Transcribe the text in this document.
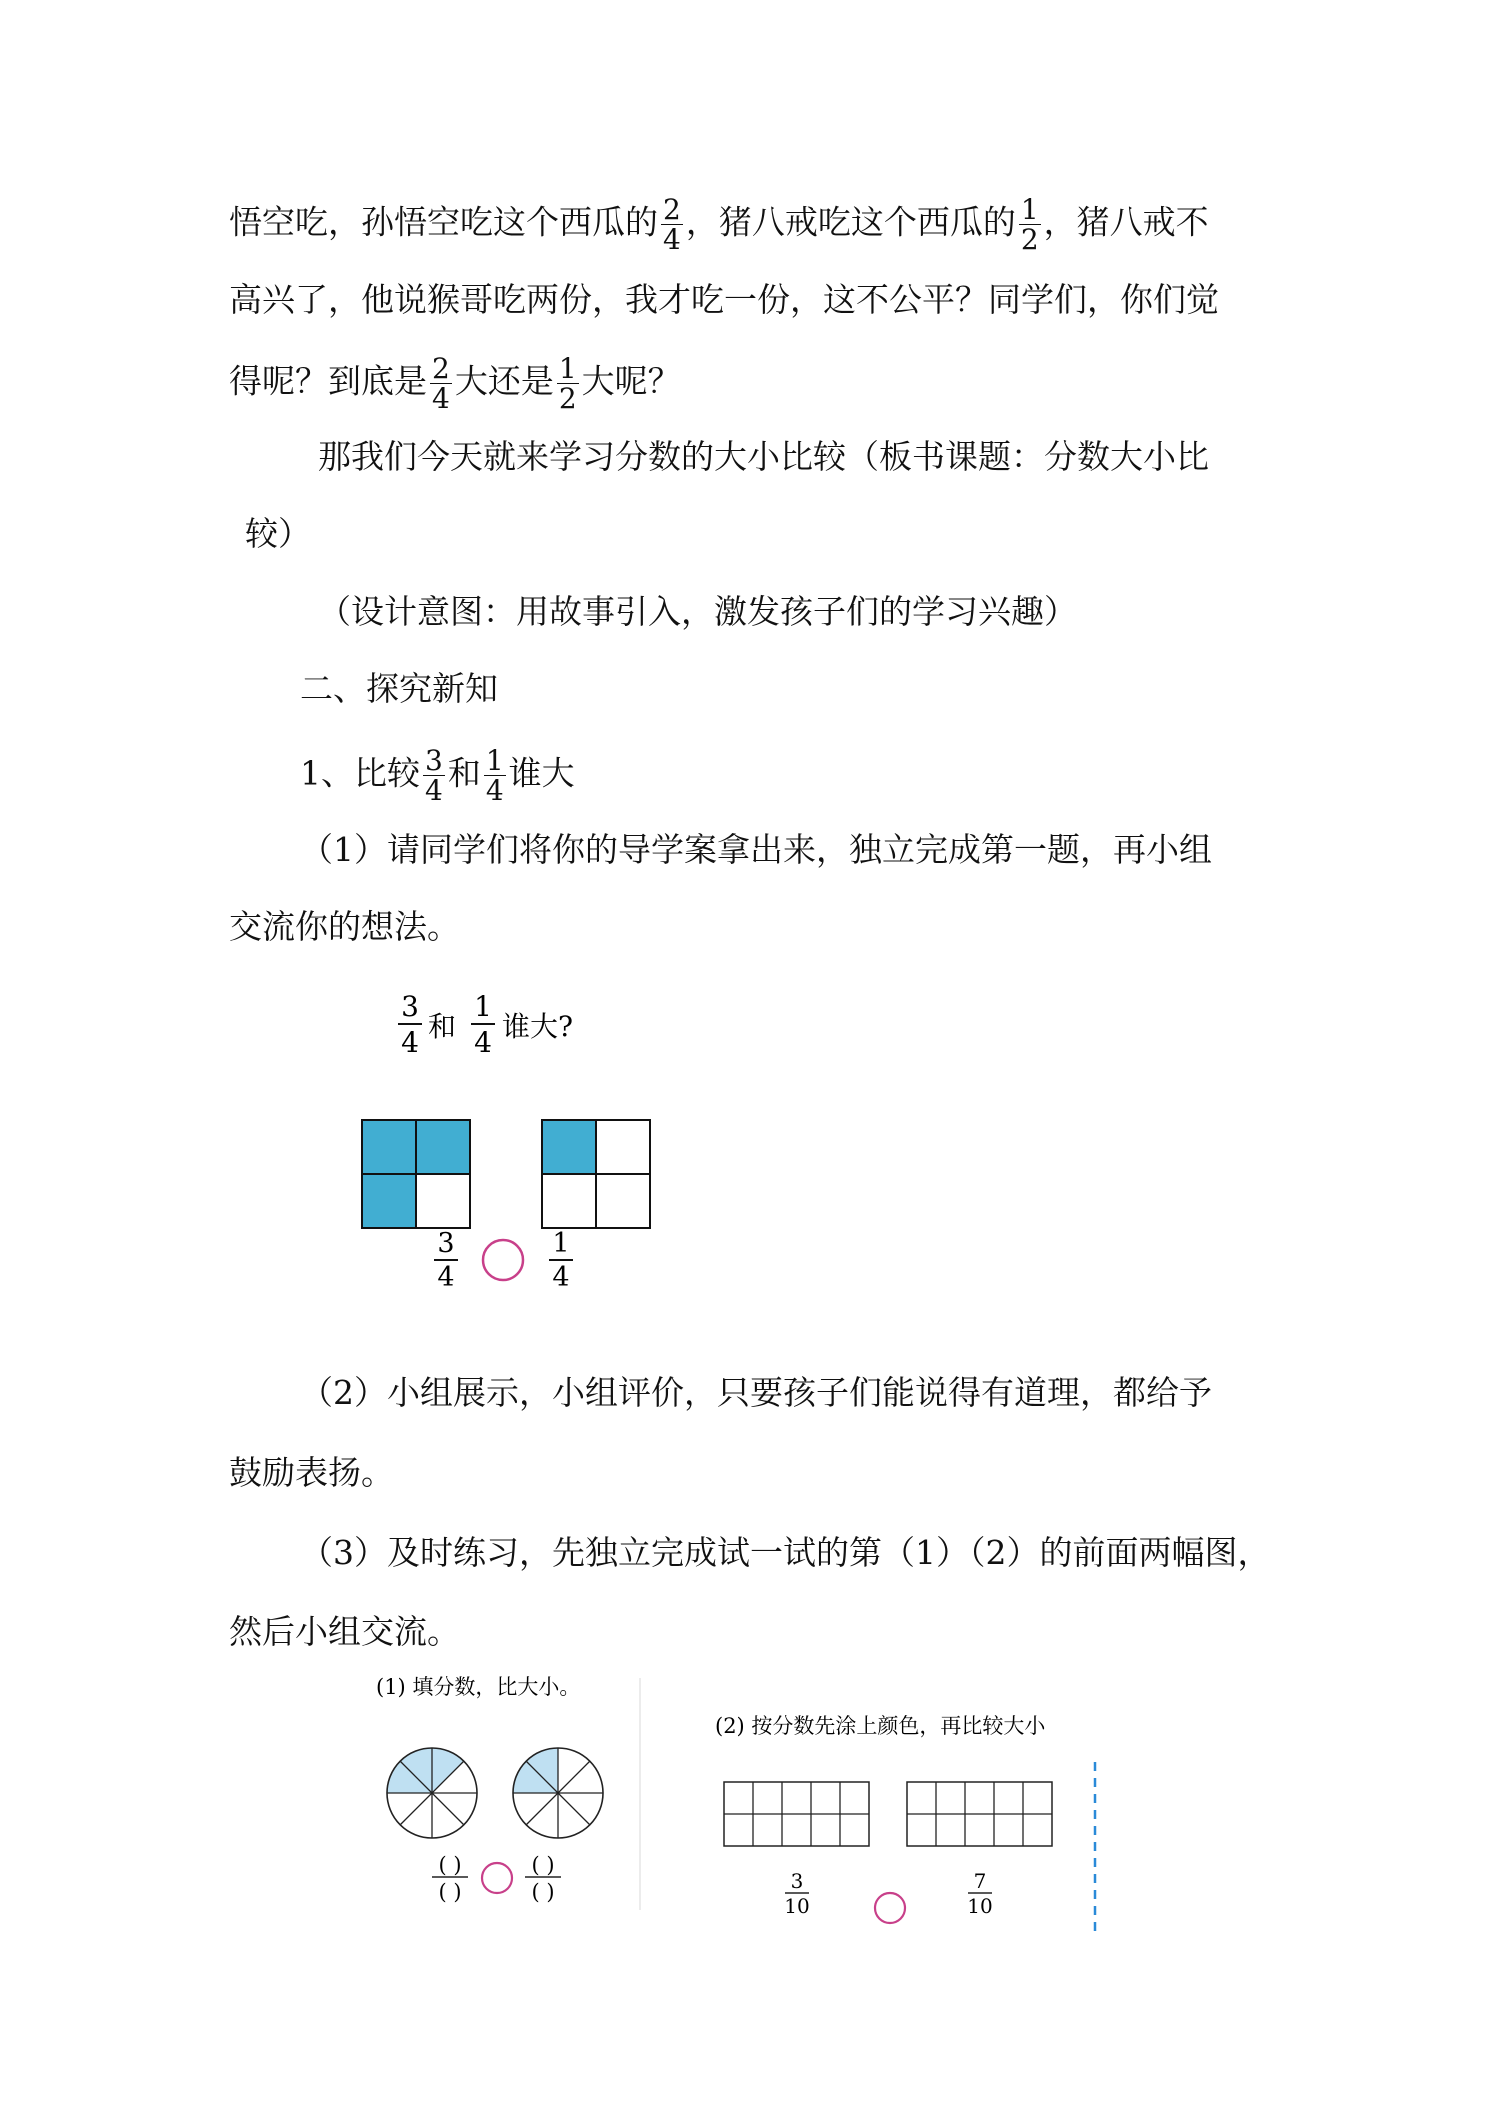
悟空吃，孙悟空吃这个西瓜的 $\frac{2}{4}$ ，猪八戒吃这个西瓜的 $\frac{1}{2}$ ，猪八戒不
高兴了，他说猴哥吃两份，我才吃一份，这不公平？同学们，你们觉
得呢？到底是 $\frac{2}{4}$ 大还是 $\frac{1}{2}$ 大呢？
那我们今天就来学习分数的大小比较（板书课题：分数大小比
较）
（设计意图：用故事引入，激发孩子们的学习兴趣）
二、探究新知
1、比较 $\frac{3}{4}$ 和 $\frac{1}{4}$ 谁大
（1）请同学们将你的导学案拿出来，独立完成第一题，再小组
交流你的想法。
3
4 和
1
4 谁大?
3
4
1
4
（2）小组展示，小组评价，只要孩子们能说得有道理，都给予
鼓励表扬。
（3）及时练习，先独立完成试一试的第（1）（2）的前面两幅图，
然后小组交流。
(1) 填分数，比大小。
( )
( )
( )
( )
(2) 按分数先涂上颜色，再比较大小
3
10
7
10
